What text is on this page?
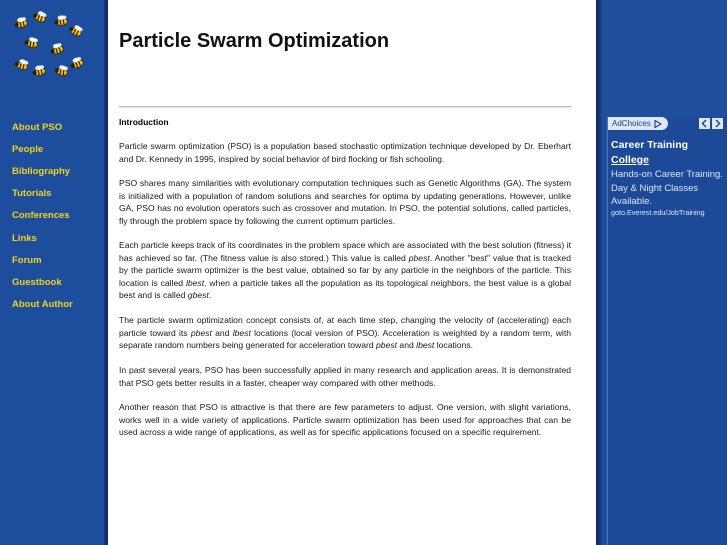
About PSO
People
Bibliography
Tutorials
Conferences
Links
Forum
Guestbook
About Author
Particle Swarm Optimization
Introduction

Particle swarm optimization (PSO) is a population based stochastic optimization technique developed by Dr. Eberhart and Dr. Kennedy in 1995, inspired by social behavior of bird flocking or fish schooling.

PSO shares many similarities with evolutionary computation techniques such as Genetic Algorithms (GA). The system is initialized with a population of random solutions and searches for optima by updating generations. However, unlike GA, PSO has no evolution operators such as crossover and mutation. In PSO, the potential solutions, called particles, fly through the problem space by following the current optimum particles.

Each particle keeps track of its coordinates in the problem space which are associated with the best solution (fitness) it has achieved so far. (The fitness value is also stored.) This value is called pbest. Another "best" value that is tracked by the particle swarm optimizer is the best value, obtained so far by any particle in the neighbors of the particle. This location is called lbest. when a particle takes all the population as its topological neighbors, the best value is a global best and is called gbest.

The particle swarm optimization concept consists of, at each time step, changing the velocity of (accelerating) each particle toward its pbest and lbest locations (local version of PSO). Acceleration is weighted by a random term, with separate random numbers being generated for acceleration toward pbest and lbest locations.

In past several years, PSO has been successfully applied in many research and application areas. It is demonstrated that PSO gets better results in a faster, cheaper way compared with other methods.

Another reason that PSO is attractive is that there are few parameters to adjust. One version, with slight variations, works well in a wide variety of applications. Particle swarm optimization has been used for approaches that can be used across a wide range of applications, as well as for specific applications focused on a specific requirement.

AdChoices
Career Training
College
Hands-on Career Training. Day & Night Classes Available.
goto.Everest.edu/JobTraining
